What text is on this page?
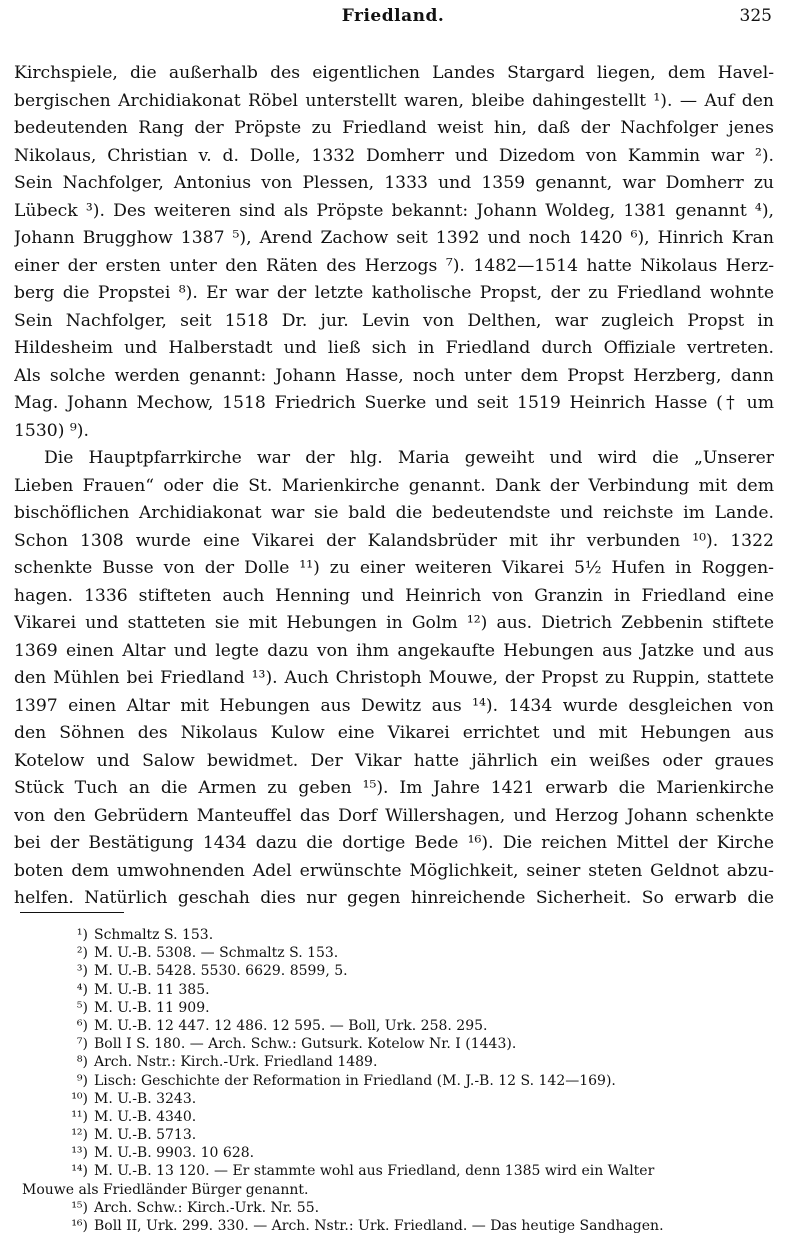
Friedland.	325
Kirchspiele, die außerhalb des eigentlichen Landes Stargard liegen, dem Havel-
bergischen Archidiakonat Röbel unterstellt waren, bleibe dahingestellt ¹). — Auf den
bedeutenden Rang der Pröpste zu Friedland weist hin, daß der Nachfolger jenes
Nikolaus, Christian v. d. Dolle, 1332 Domherr und Dizedom von Kammin war ²).
Sein Nachfolger, Antonius von Plessen, 1333 und 1359 genannt, war Domherr zu
Lübeck ³). Des weiteren sind als Pröpste bekannt: Johann Woldeg, 1381 genannt ⁴),
Johann Brugghow 1387 ⁵), Arend Zachow seit 1392 und noch 1420 ⁶), Hinrich Kran
einer der ersten unter den Räten des Herzogs ⁷). 1482—1514 hatte Nikolaus Herz-
berg die Propstei ⁸). Er war der letzte katholische Propst, der zu Friedland wohnte
Sein Nachfolger, seit 1518 Dr. jur. Levin von Delthen, war zugleich Propst in
Hildesheim und Halberstadt und ließ sich in Friedland durch Offiziale vertreten.
Als solche werden genannt: Johann Hasse, noch unter dem Propst Herzberg, dann
Mag. Johann Mechow, 1518 Friedrich Suerke und seit 1519 Heinrich Hasse († um
1530) ⁹).
Die Hauptpfarrkirche war der hlg. Maria geweiht und wird die „Unserer
Lieben Frauen“ oder die St. Marienkirche genannt. Dank der Verbindung mit dem
bischöflichen Archidiakonat war sie bald die bedeutendste und reichste im Lande.
Schon 1308 wurde eine Vikarei der Kalandsbrüder mit ihr verbunden ¹⁰). 1322
schenkte Busse von der Dolle ¹¹) zu einer weiteren Vikarei 5½ Hufen in Roggen-
hagen. 1336 stifteten auch Henning und Heinrich von Granzin in Friedland eine
Vikarei und statteten sie mit Hebungen in Golm ¹²) aus. Dietrich Zebbenin stiftete
1369 einen Altar und legte dazu von ihm angekaufte Hebungen aus Jatzke und aus
den Mühlen bei Friedland ¹³). Auch Christoph Mouwe, der Propst zu Ruppin, stattete
1397 einen Altar mit Hebungen aus Dewitz aus ¹⁴). 1434 wurde desgleichen von
den Söhnen des Nikolaus Kulow eine Vikarei errichtet und mit Hebungen aus
Kotelow und Salow bewidmet. Der Vikar hatte jährlich ein weißes oder graues
Stück Tuch an die Armen zu geben ¹⁵). Im Jahre 1421 erwarb die Marienkirche
von den Gebrüdern Manteuffel das Dorf Willershagen, und Herzog Johann schenkte
bei der Bestätigung 1434 dazu die dortige Bede ¹⁶). Die reichen Mittel der Kirche
boten dem umwohnenden Adel erwünschte Möglichkeit, seiner steten Geldnot abzu-
helfen. Natürlich geschah dies nur gegen hinreichende Sicherheit. So erwarb die
¹) Schmaltz S. 153.
²) M. U.-B. 5308. — Schmaltz S. 153.
³) M. U.-B. 5428. 5530. 6629. 8599, 5.
⁴) M. U.-B. 11 385.
⁵) M. U.-B. 11 909.
⁶) M. U.-B. 12 447. 12 486. 12 595. — Boll, Urk. 258. 295.
⁷) Boll I S. 180. — Arch. Schw.: Gutsurk. Kotelow Nr. I (1443).
⁸) Arch. Nstr.: Kirch.-Urk. Friedland 1489.
⁹) Lisch: Geschichte der Reformation in Friedland (M. J.-B. 12 S. 142—169).
¹⁰) M. U.-B. 3243.
¹¹) M. U.-B. 4340.
¹²) M. U.-B. 5713.
¹³) M. U.-B. 9903. 10 628.
¹⁴) M. U.-B. 13 120. — Er stammte wohl aus Friedland, denn 1385 wird ein Walter
Mouwe als Friedländer Bürger genannt.
¹⁵) Arch. Schw.: Kirch.-Urk. Nr. 55.
¹⁶) Boll II, Urk. 299. 330. — Arch. Nstr.: Urk. Friedland. — Das heutige Sandhagen.
